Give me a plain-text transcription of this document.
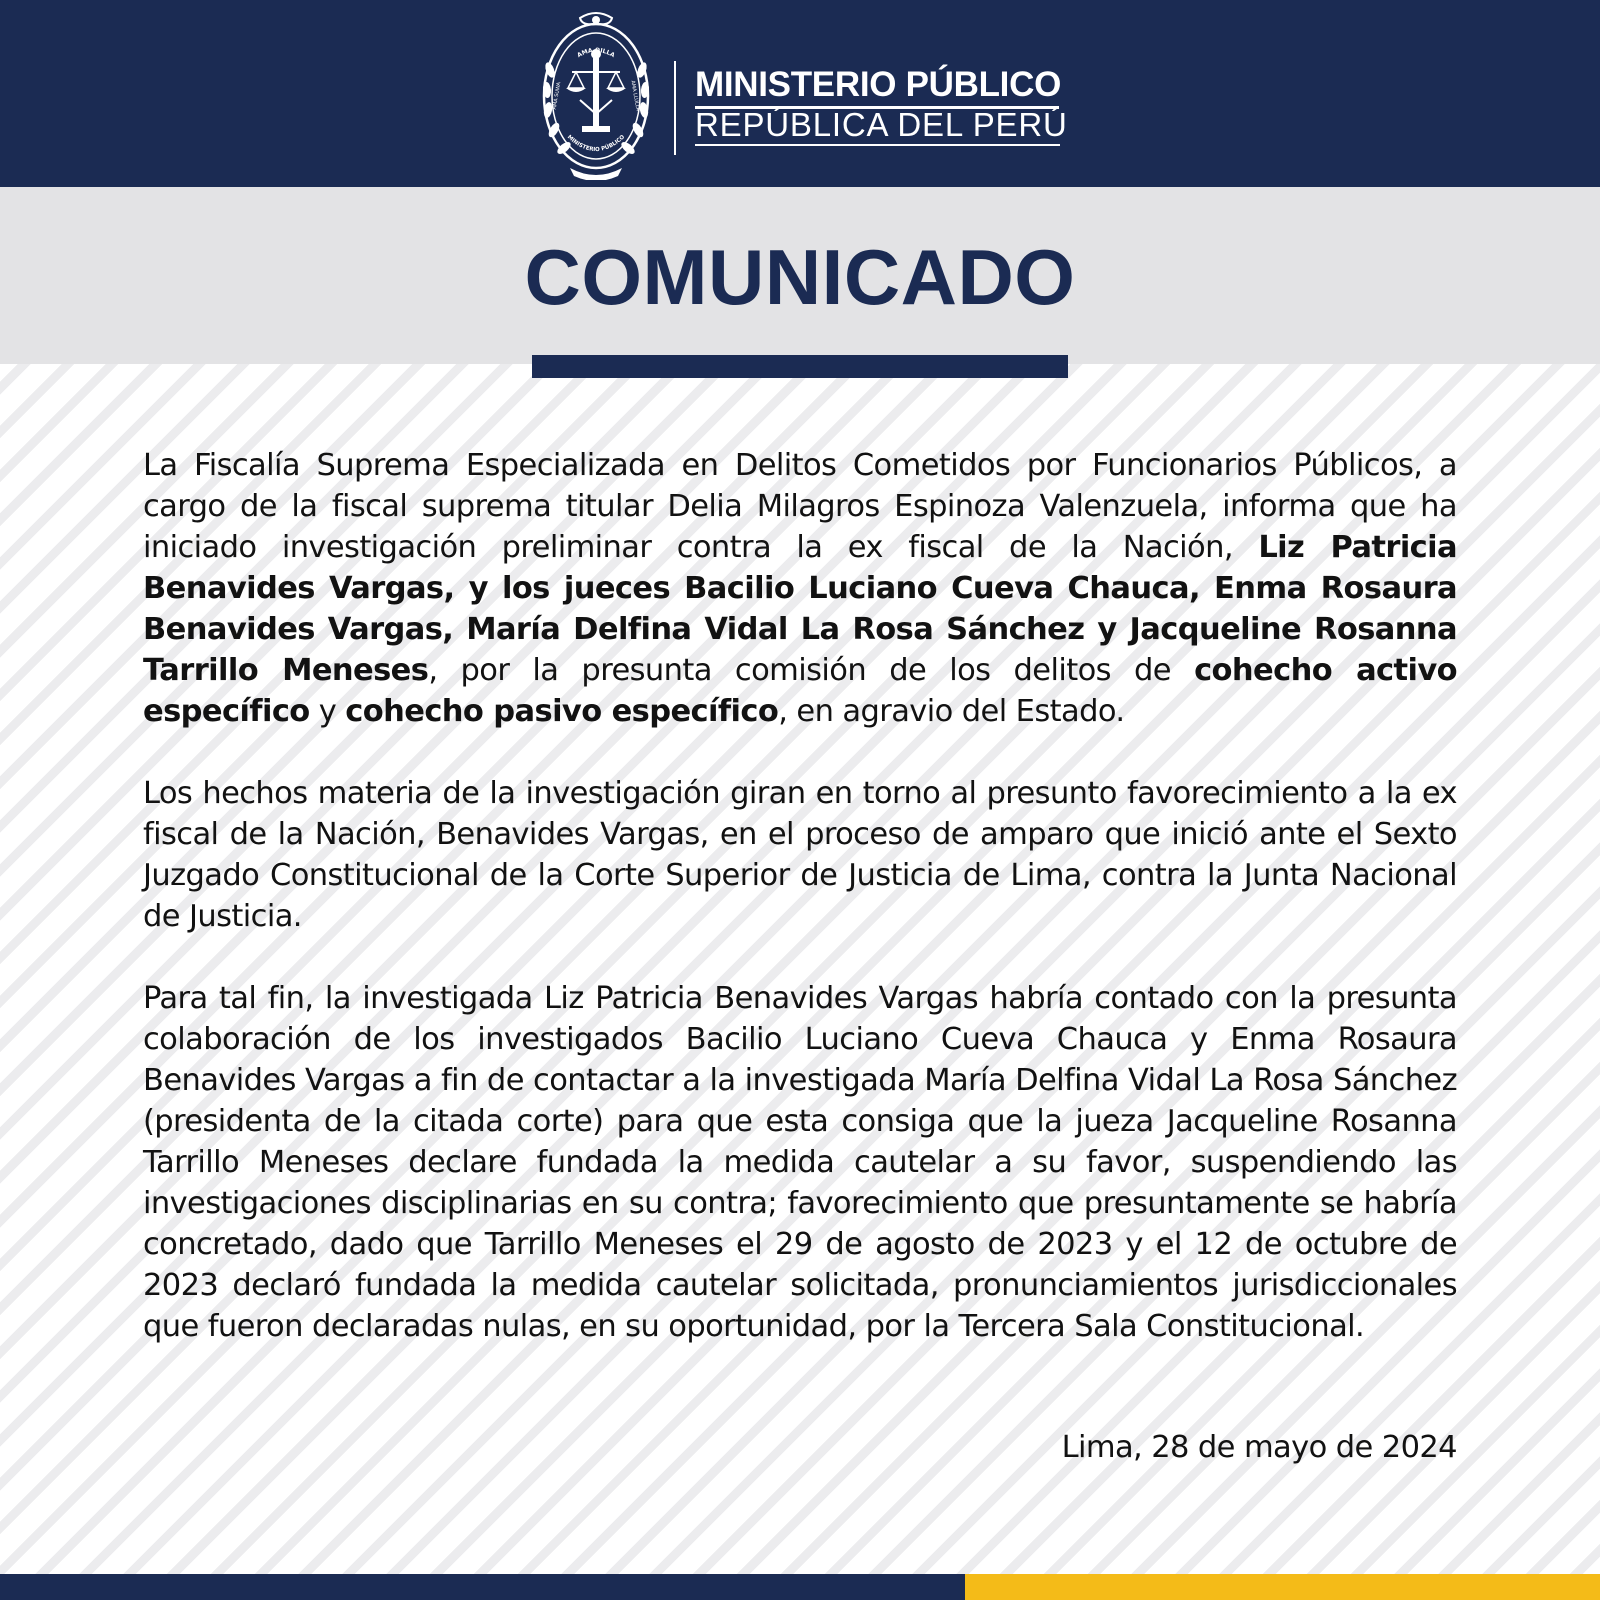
AMA QILLA
MINISTERIO PÚBLICO
AMA SUWA	AMA LLULLA MINISTERIO PÚBLICO
REPÚBLICA DEL PERÚ
COMUNICADO

La Fiscalía Suprema Especializada en Delitos Cometidos por Funcionarios Públicos, a cargo de la fiscal suprema titular Delia Milagros Espinoza Valenzuela, informa que ha iniciado investigación preliminar contra la ex fiscal de la Nación, Liz Patricia Benavides Vargas, y los jueces Bacilio Luciano Cueva Chauca, Enma Rosaura Benavides Vargas, María Delfina Vidal La Rosa Sánchez y Jacqueline Rosanna Tarrillo Meneses, por la presunta comisión de los delitos de cohecho activo específico y cohecho pasivo específico, en agravio del Estado.

Los hechos materia de la investigación giran en torno al presunto favorecimiento a la ex fiscal de la Nación, Benavides Vargas, en el proceso de amparo que inició ante el Sexto Juzgado Constitucional de la Corte Superior de Justicia de Lima, contra la Junta Nacional de Justicia.

Para tal fin, la investigada Liz Patricia Benavides Vargas habría contado con la presunta colaboración de los investigados Bacilio Luciano Cueva Chauca y Enma Rosaura Benavides Vargas a fin de contactar a la investigada María Delfina Vidal La Rosa Sánchez (presidenta de la citada corte) para que esta consiga que la jueza Jacqueline Rosanna Tarrillo Meneses declare fundada la medida cautelar a su favor, suspendiendo las investigaciones disciplinarias en su contra; favorecimiento que presuntamente se habría concretado, dado que Tarrillo Meneses el 29 de agosto de 2023 y el 12 de octubre de 2023 declaró fundada la medida cautelar solicitada, pronunciamientos jurisdiccionales que fueron declaradas nulas, en su oportunidad, por la Tercera Sala Constitucional.

Lima, 28 de mayo de 2024
